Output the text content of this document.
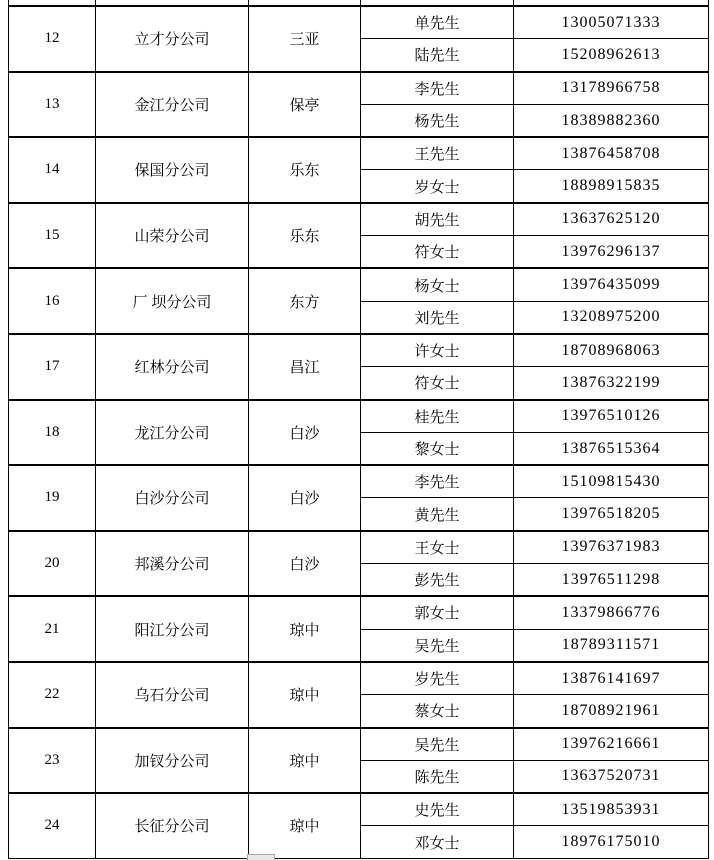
12	立才分公司	三亚	单先生	13005071333
			陆先生	15208962613
13	金江分公司	保亭	李先生	13178966758
			杨先生	18389882360
14	保国分公司	乐东	王先生	13876458708
			岁女士	18898915835
15	山荣分公司	乐东	胡先生	13637625120
			符女士	13976296137
16	厂 坝分公司	东方	杨女士	13976435099
			刘先生	13208975200
17	红林分公司	昌江	许女士	18708968063
			符女士	13876322199
18	龙江分公司	白沙	桂先生	13976510126
			黎女士	13876515364
19	白沙分公司	白沙	李先生	15109815430
			黄先生	13976518205
20	邦溪分公司	白沙	王女士	13976371983
			彭先生	13976511298
21	阳江分公司	琼中	郭女士	13379866776
			吴先生	18789311571
22	乌石分公司	琼中	岁先生	13876141697
			蔡女士	18708921961
23	加钗分公司	琼中	吴先生	13976216661
			陈先生	13637520731
24	长征分公司	琼中	史先生	13519853931
			邓女士	18976175010
